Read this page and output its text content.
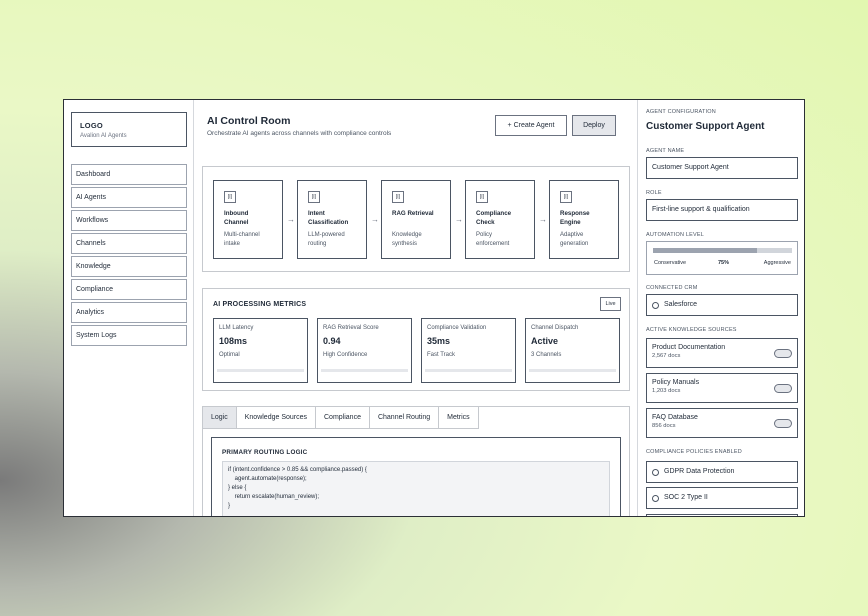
LOGO
Avalion AI Agents
Dashboard
AI Agents
Workflows
Channels
Knowledge
Compliance
Analytics
System Logs
AI Control Room
Orchestrate AI agents across channels with compliance controls
+ Create Agent	Deploy
[i]
Inbound
Channel
Multi-channel
intake
→
[i]
Intent
Classification
LLM-powered
routing
→
[i]
RAG Retrieval
Knowledge
synthesis
→
[i]
Compliance
Check
Policy
enforcement
→
[i]
Response
Engine
Adaptive
generation
AI PROCESSING METRICS	Live
LLM Latency
108ms
Optimal
RAG Retrieval Score
0.94
High Confidence
Compliance Validation
35ms
Fast Track
Channel Dispatch
Active
3 Channels
Logic	Knowledge Sources	Compliance	Channel Routing	Metrics
PRIMARY ROUTING LOGIC
if (intent.confidence > 0.85 && compliance.passed) {
agent.automate(response);
} else {
return escalate(human_review);
}
AGENT CONFIGURATION
Customer Support Agent
AGENT NAME
Customer Support Agent
ROLE
First-line support & qualification
AUTOMATION LEVEL
Conservative	75%	Aggressive
CONNECTED CRM
Salesforce
ACTIVE KNOWLEDGE SOURCES
Product Documentation
2,567 docs
Policy Manuals
1,203 docs
FAQ Database
856 docs
COMPLIANCE POLICIES ENABLED
GDPR Data Protection
SOC 2 Type II
